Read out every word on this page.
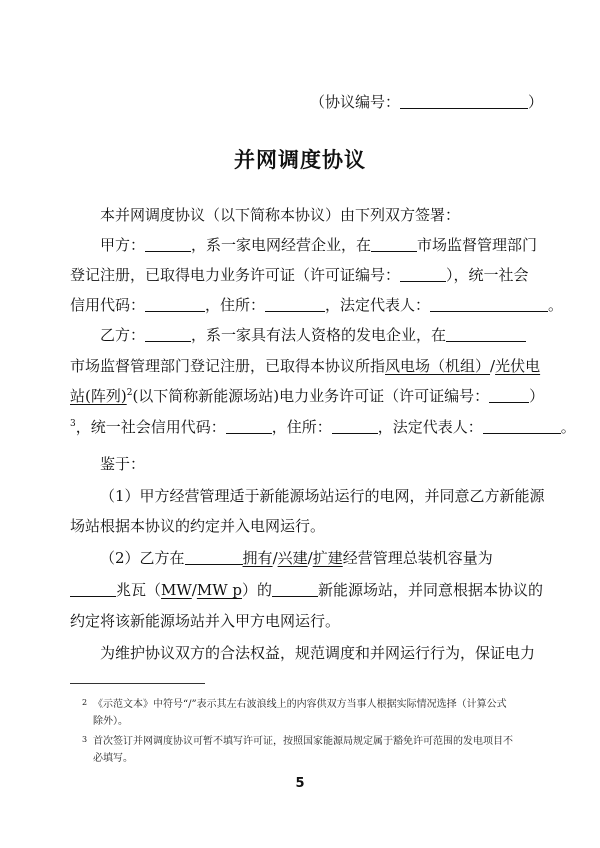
（协议编号：	）
并网调度协议
本并网调度协议（以下简称本协议）由下列双方签署：
甲方：	，系一家电网经营企业，在	市场监督管理部门
登记注册，已取得电力业务许可证（许可证编号：	），统一社会
信用代码：	，住所：	，法定代表人：	。
乙方：	，系一家具有法人资格的发电企业，在
市场监督管理部门登记注册，已取得本协议所指风电场（机组）/光伏电
站(阵列)$^2$(以下简称新能源场站)电力业务许可证（许可证编号：	）
$^3$，统一社会信用代码：	，住所：	，法定代表人：	。
鉴于：
（1）甲方经营管理适于新能源场站运行的电网，并同意乙方新能源
场站根据本协议的约定并入电网运行。
（2）乙方在	拥有/兴建/扩建经营管理总装机容量为
兆瓦（MW/MW p）的	新能源场站，并同意根据本协议的
约定将该新能源场站并入甲方电网运行。
为维护协议双方的合法权益，规范调度和并网运行行为，保证电力
2 《示范文本》中符号“/”表示其左右波浪线上的内容供双方当事人根据实际情况选择（计算公式
除外）。
3 首次签订并网调度协议可暂不填写许可证，按照国家能源局规定属于豁免许可范围的发电项目不
必填写。
5
